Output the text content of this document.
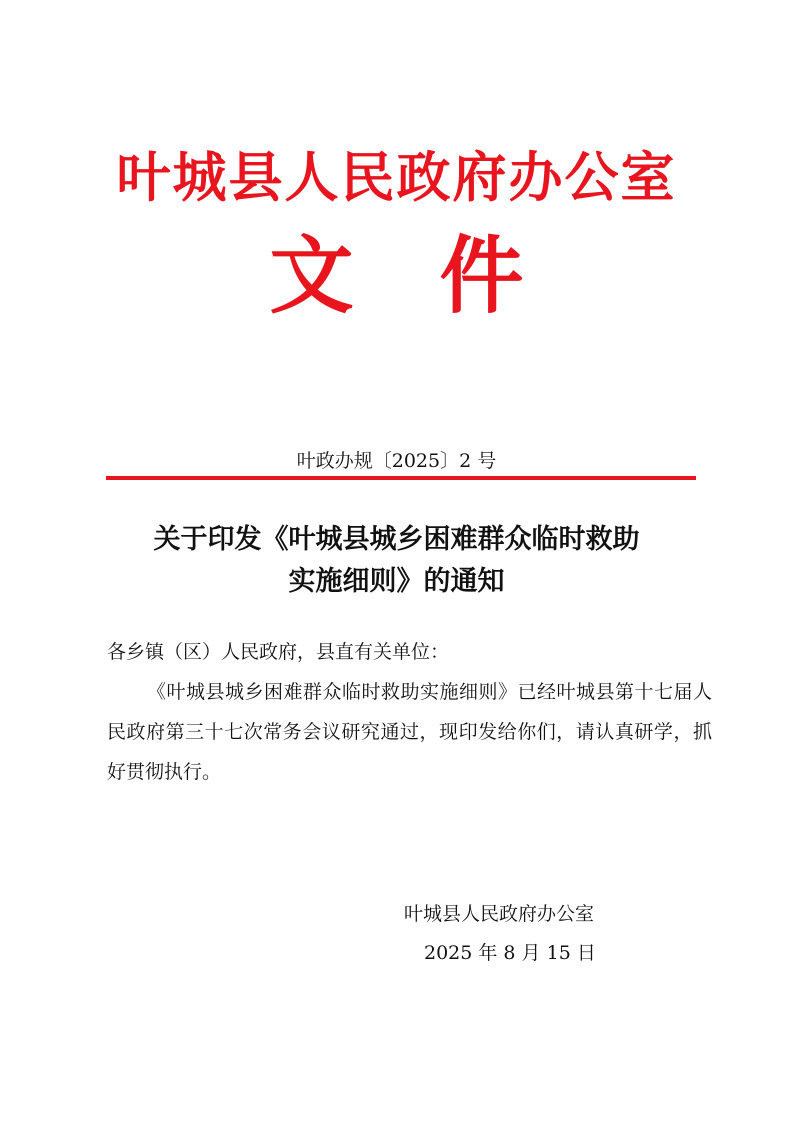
叶城县人民政府办公室
文 件
叶政办规〔2025〕2 号
关于印发《叶城县城乡困难群众临时救助
实施细则》的通知

各乡镇（区）人民政府，县直有关单位：

《叶城县城乡困难群众临时救助实施细则》已经叶城县第十七届人民政府第三十七次常务会议研究通过，现印发给你们，请认真研学，抓好贯彻执行。

叶城县人民政府办公室
2025 年 8 月 15 日
